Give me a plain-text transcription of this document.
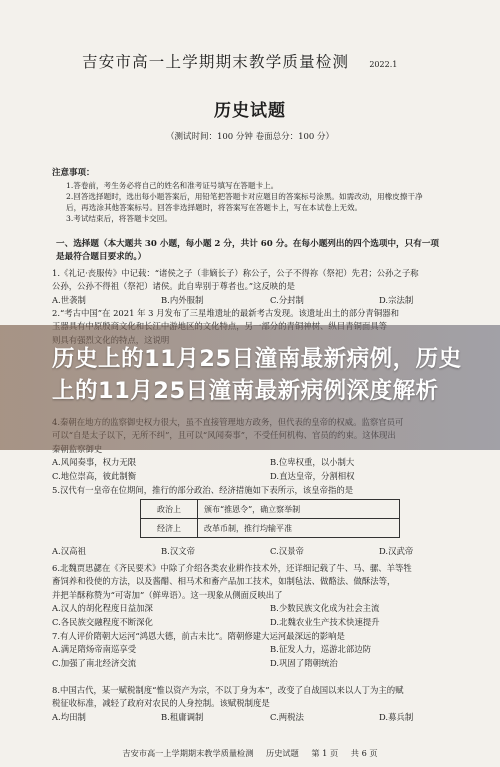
吉安市高一上学期期末教学质量检测	2022.1
历史试题
（测试时间：100 分钟 卷面总分：100 分）
注意事项：
1.答卷前，考生务必将自己的姓名和准考证号填写在答题卡上。
2.回答选择题时，选出每小题答案后，用铅笔把答题卡对应题目的答案标号涂黑。如需改动，用橡皮擦干净
后，再选涂其他答案标号。回答非选择题时，将答案写在答题卡上，写在本试卷上无效。
3.考试结束后，将答题卡交回。
一、选择题（本大题共 30 小题，每小题 2 分，共计 60 分。在每小题列出的四个选项中，只有一项
是最符合题目要求的。）
1.《礼记·丧服传》中记载：“诸侯之子（非嫡长子）称公子，公子不得祢（祭祀）先君；公孙之子称
公孙，公孙不得祖（祭祀）诸侯。此自卑别于尊者也。”这反映的是
A.世袭制	B.内外服制	C.分封制	D.宗法制
2.“考古中国”在 2021 年 3 月发布了三星堆遗址的最新考古发现。该遗址出土的部分青铜器和
A.风闻奏事，权力无限	B.位卑权重，以小制大
C.地位崇高，彼此制衡	D.直达皇帝，分割相权
5.汉代有一皇帝在位期间，推行的部分政治、经济措施如下表所示，该皇帝指的是
政治上	颁布“推恩令”，确立察举制
经济上	改革币制，推行均输平准
A.汉高祖	B.汉文帝	C.汉景帝	D.汉武帝
6.北魏贾思勰在《齐民要术》中除了介绍各类农业耕作技术外，还详细记载了牛、马、骡、羊等牲
畜饲养和役使的方法，以及酱醋、相马术和畜产品加工技术，如制毡法、做酪法、做酥法等，
并把羊酥称赞为“可寄加”（鲜卑语）。这一现象从侧面反映出了
A.汉人的胡化程度日益加深	B.少数民族文化成为社会主流
C.各民族交融程度不断深化	D.北魏农业生产技术快速提升
7.有人评价隋朝大运河“鸿恩大德，前古未比”。隋朝修建大运河最深远的影响是
A.满足隋炀帝南巡享受	B.征发人力，巡游北部边防
C.加强了南北经济交流	D.巩固了隋朝统治
8.中国古代，某一赋税制度“惟以资产为宗，不以丁身为本”，改变了自战国以来以人丁为主的赋
税征收标准，减轻了政府对农民的人身控制。该赋税制度是
A.均田制	B.租庸调制	C.两税法	D.募兵制
吉安市高一上学期期末教学质量检测 历史试题 第 1 页 共 6 页
历史上的11月25日潼南最新病例，历史上的11月25日潼南最新病例深度解析
